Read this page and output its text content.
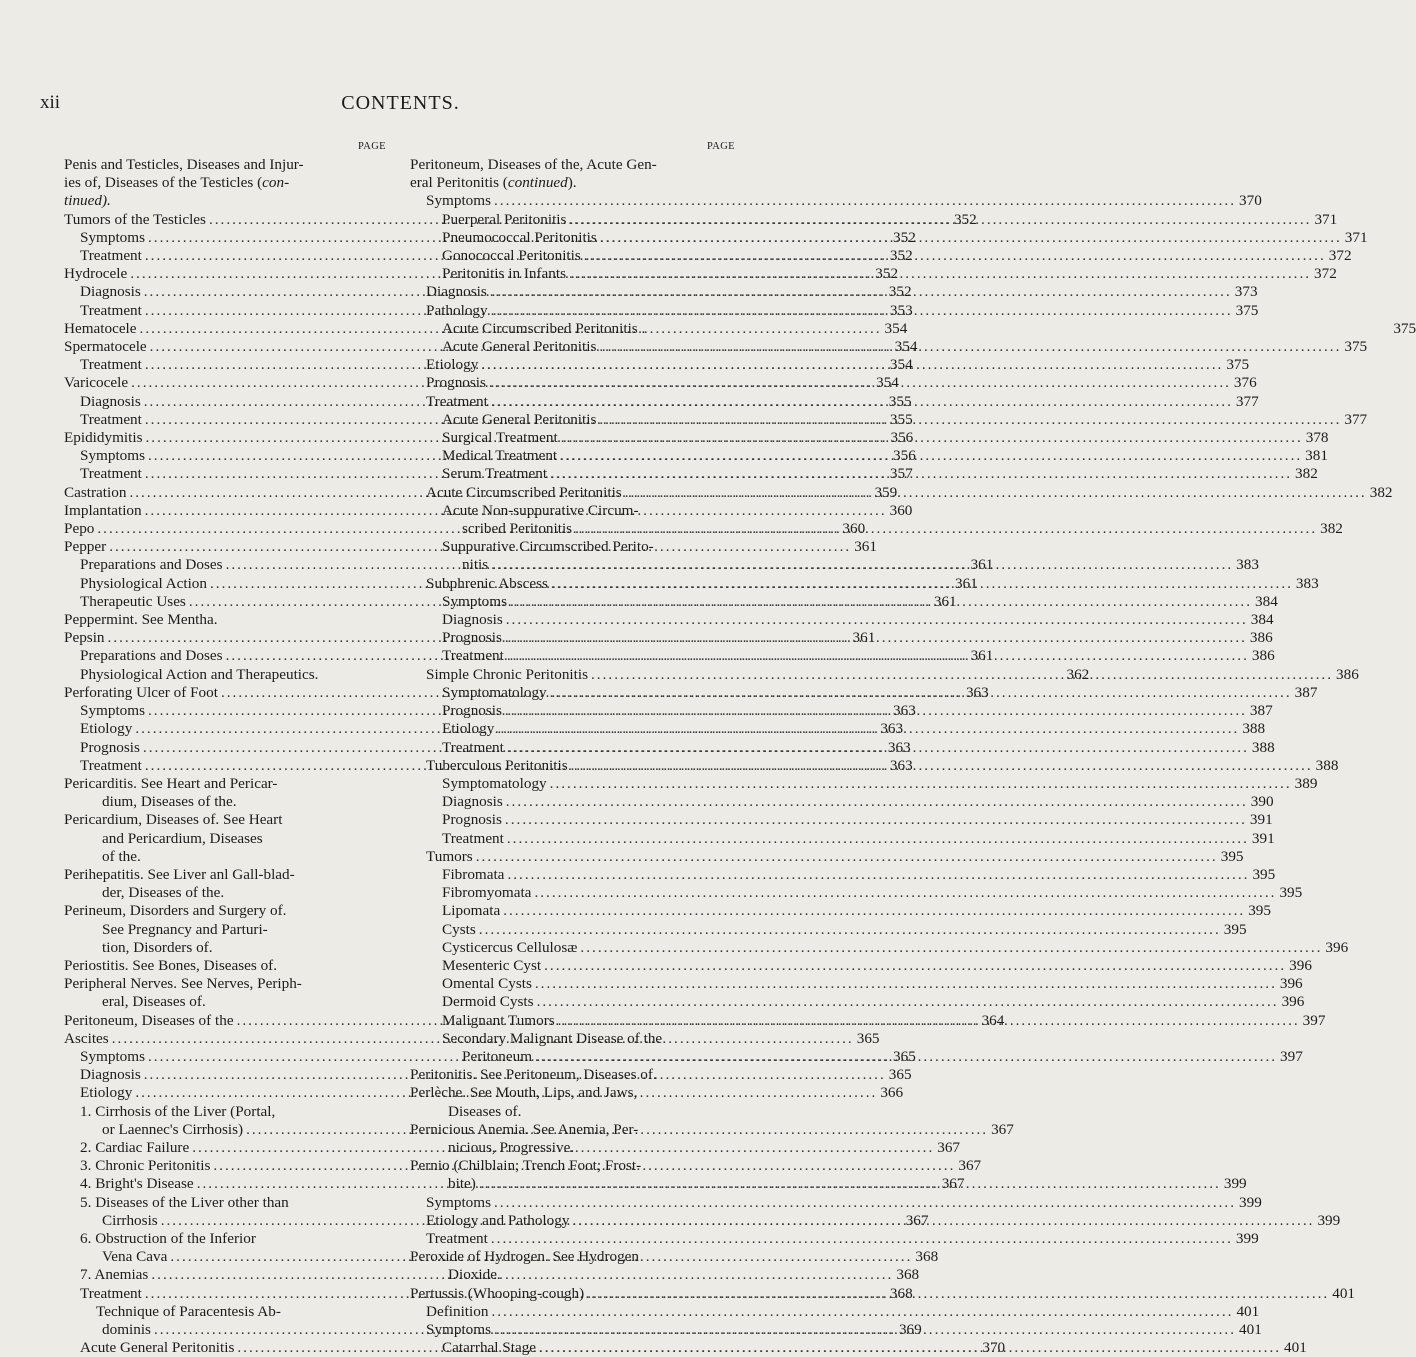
xii	CONTENTS.
PAGE
Penis and Testicles, Diseases and Injur-
ies of, Diseases of the Testicles (con-
tinued).
Tumors of the Testicles .....	352
Symptoms .....	352
Treatment .....	352
Hydrocele .....	352
Diagnosis .....	352
Treatment .....	353
Hematocele .....	354
Spermatocele .....	354
Treatment .....	354
Varicocele .....	354
Diagnosis .....	355
Treatment .....	355
Epididymitis .....	356
Symptoms .....	356
Treatment .....	357
Castration .....	359
Implantation .....	360
Pepo .....	360
Pepper .....	361
Preparations and Doses .....	361
Physiological Action .....	361
Therapeutic Uses .....	361
Peppermint. See Mentha.
Pepsin .....	361
Preparations and Doses .....	361
Physiological Action and Therapeutics.	362
Perforating Ulcer of Foot .....	363
Symptoms .....	363
Etiology .....	363
Prognosis .....	363
Treatment .....	363
Pericarditis. See Heart and Pericar-
dium, Diseases of the.
Pericardium, Diseases of. See Heart
and Pericardium, Diseases
of the.
Perihepatitis. See Liver anl Gall-blad-
der, Diseases of the.
Perineum, Disorders and Surgery of.
See Pregnancy and Parturi-
tion, Disorders of.
Periostitis. See Bones, Diseases of.
Peripheral Nerves. See Nerves, Periph-
eral, Diseases of.
Peritoneum, Diseases of the .....	364
Ascites .....	365
Symptoms .....	365
Diagnosis .....	365
Etiology .....	366
1. Cirrhosis of the Liver (Portal,
or Laennec's Cirrhosis) .....	367
2. Cardiac Failure .....	367
3. Chronic Peritonitis .....	367
4. Bright's Disease .....	367
5. Diseases of the Liver other than
Cirrhosis .....	367
6. Obstruction of the Inferior
Vena Cava .....	368
7. Anemias .....	368
Treatment .....	368
Technique of Paracentesis Ab-
dominis .....	369
Acute General Peritonitis .....	370
PAGE
Peritoneum, Diseases of the, Acute Gen-
eral Peritonitis (continued).
Symptoms .....	370
Puerperal Peritonitis .....	371
Pneumococcal Peritonitis .....	371
Gonococcal Peritonitis .....	372
Peritonitis in Infants .....	372
Diagnosis .....	373
Pathology .....	375
Acute Circumscribed Peritonitis .	375
Acute General Peritonitis .....	375
Etiology .....	375
Prognosis .....	376
Treatment .....	377
Acute General Peritonitis .....	377
Surgical Treatment .....	378
Medical Treatment .....	381
Serum Treatment .....	382
Acute Circumscribed Peritonitis .....	382
Acute Non-suppurative Circum-
scribed Peritonitis .....	382
Suppurative Circumscribed Perito-
nitis .....	383
Subphrenic Abscess .....	383
Symptoms .....	384
Diagnosis .....	384
Prognosis .....	386
Treatment .....	386
Simple Chronic Peritonitis .....	386
Symptomatology .....	387
Prognosis .....	387
Etiology .....	388
Treatment .....	388
Tuberculous Peritonitis .....	388
Symptomatology .....	389
Diagnosis .....	390
Prognosis .....	391
Treatment .....	391
Tumors .....	395
Fibromata .....	395
Fibromyomata .....	395
Lipomata .....	395
Cysts .....	395
Cysticercus Cellulosæ .....	396
Mesenteric Cyst .....	396
Omental Cysts .....	396
Dermoid Cysts .....	396
Malignant Tumors .....	397
Secondary Malignant Disease of the
Peritoneum .....	397
Peritonitis. See Peritoneum, Diseases of.
Perlèche. See Mouth, Lips, and Jaws,
Diseases of.
Pernicious Anemia. See Anemia, Per-
nicious, Progressive.
Pernio (Chilblain; Trench Foot; Frost-
bite) .....	399
Symptoms .....	399
Etiology and Pathology .....	399
Treatment .....	399
Peroxide of Hydrogen. See Hydrogen
Dioxide.
Pertussis (Whooping-cough) .....	401
Definition .....	401
Symptoms .....	401
Catarrhal Stage .....	401
